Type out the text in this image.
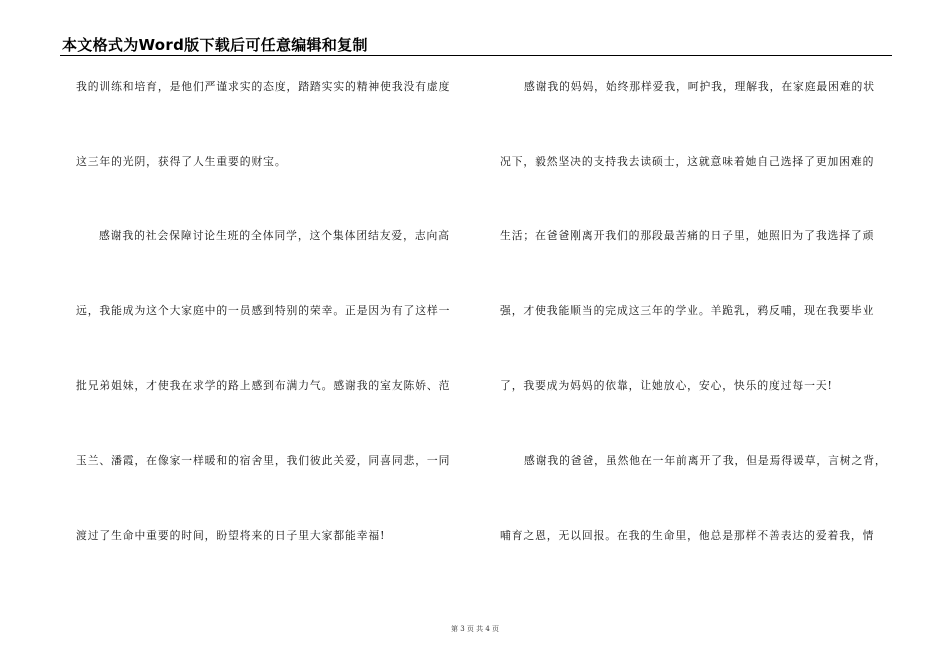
本文格式为Word版下载后可任意编辑和复制
我的训练和培育，是他们严谨求实的态度，踏踏实实的精神使我没有虚度
这三年的光阴，获得了人生重要的财宝。
感谢我的社会保障讨论生班的全体同学，这个集体团结友爱，志向高
远，我能成为这个大家庭中的一员感到特别的荣幸。正是因为有了这样一
批兄弟姐妹，才使我在求学的路上感到布满力气。感谢我的室友陈娇、范
玉兰、潘霞，在像家一样暖和的宿舍里，我们彼此关爱，同喜同悲，一同
渡过了生命中重要的时间，盼望将来的日子里大家都能幸福!
感谢我的妈妈，始终那样爱我，呵护我，理解我，在家庭最困难的状
况下，毅然坚决的支持我去读硕士，这就意味着她自己选择了更加困难的
生活；在爸爸刚离开我们的那段最苦痛的日子里，她照旧为了我选择了顽
强，才使我能顺当的完成这三年的学业。羊跪乳，鸦反哺，现在我要毕业
了，我要成为妈妈的依靠，让她放心，安心，快乐的度过每一天!
感谢我的爸爸，虽然他在一年前离开了我，但是焉得谖草，言树之背，
哺育之恩，无以回报。在我的生命里，他总是那样不善表达的爱着我，情
第 3 页 共 4 页
